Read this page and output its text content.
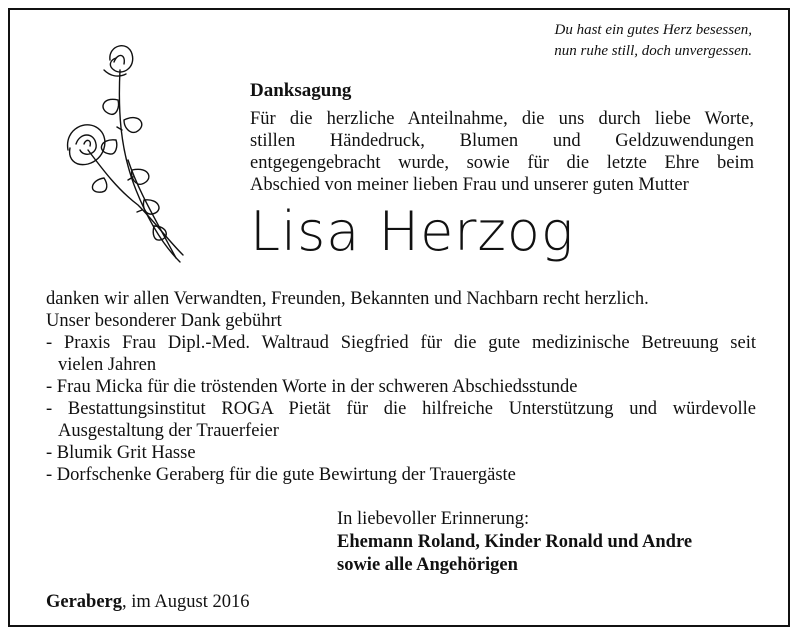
Du hast ein gutes Herz besessen,
nun ruhe still, doch unvergessen.
Danksagung
Für die herzliche Anteilnahme, die uns durch liebe Worte,
stillen Händedruck, Blumen und Geldzuwendungen
entgegengebracht wurde, sowie für die letzte Ehre beim
Abschied von meiner lieben Frau und unserer guten Mutter
Lisa Herzog
danken wir allen Verwandten, Freunden, Bekannten und Nachbarn recht herzlich.
Unser besonderer Dank gebührt
- Praxis Frau Dipl.-Med. Waltraud Siegfried für die gute medizinische Betreuung seit
vielen Jahren
- Frau Micka für die tröstenden Worte in der schweren Abschiedsstunde
- Bestattungsinstitut ROGA Pietät für die hilfreiche Unterstützung und würdevolle
Ausgestaltung der Trauerfeier
- Blumik Grit Hasse
- Dorfschenke Geraberg für die gute Bewirtung der Trauergäste
In liebevoller Erinnerung:
Ehemann Roland, Kinder Ronald und Andre
sowie alle Angehörigen
Geraberg, im August 2016
